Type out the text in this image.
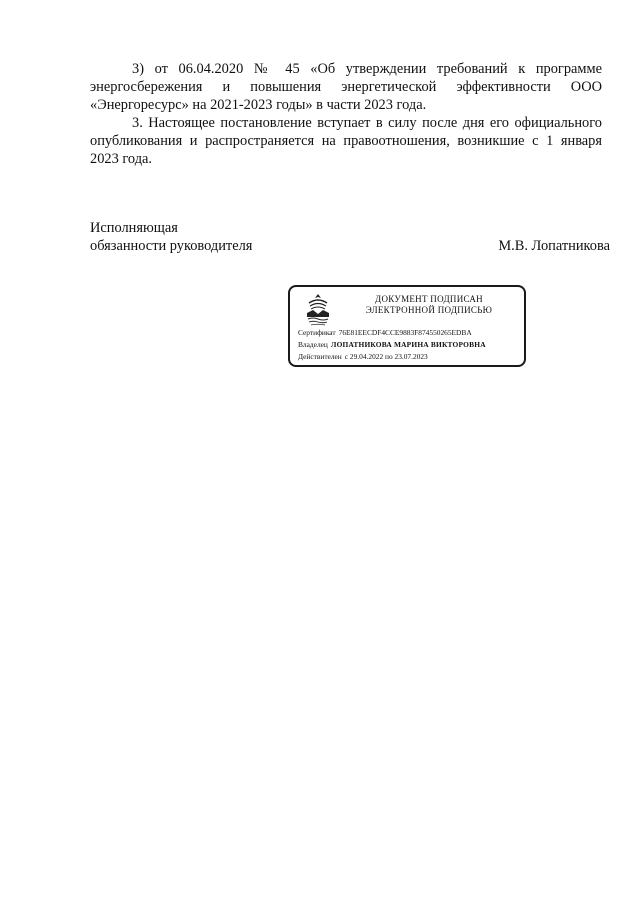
3) от 06.04.2020 № 45 «Об утверждении требований к программе энергосбережения и повышения энергетической эффективности ООО «Энергоресурс» на 2021-2023 годы» в части 2023 года.

3. Настоящее постановление вступает в силу после дня его официального опубликования и распространяется на правоотношения, возникшие с 1 января 2023 года.

Исполняющая
обязанности руководителя	М.В. Лопатникова
ДОКУМЕНТ ПОДПИСАН
ЭЛЕКТРОННОЙ ПОДПИСЬЮ
Сертификат 76E81EECDF4CCE9883F874550265EDBA
Владелец ЛОПАТНИКОВА МАРИНА ВИКТОРОВНА
Действителен с 29.04.2022 по 23.07.2023
